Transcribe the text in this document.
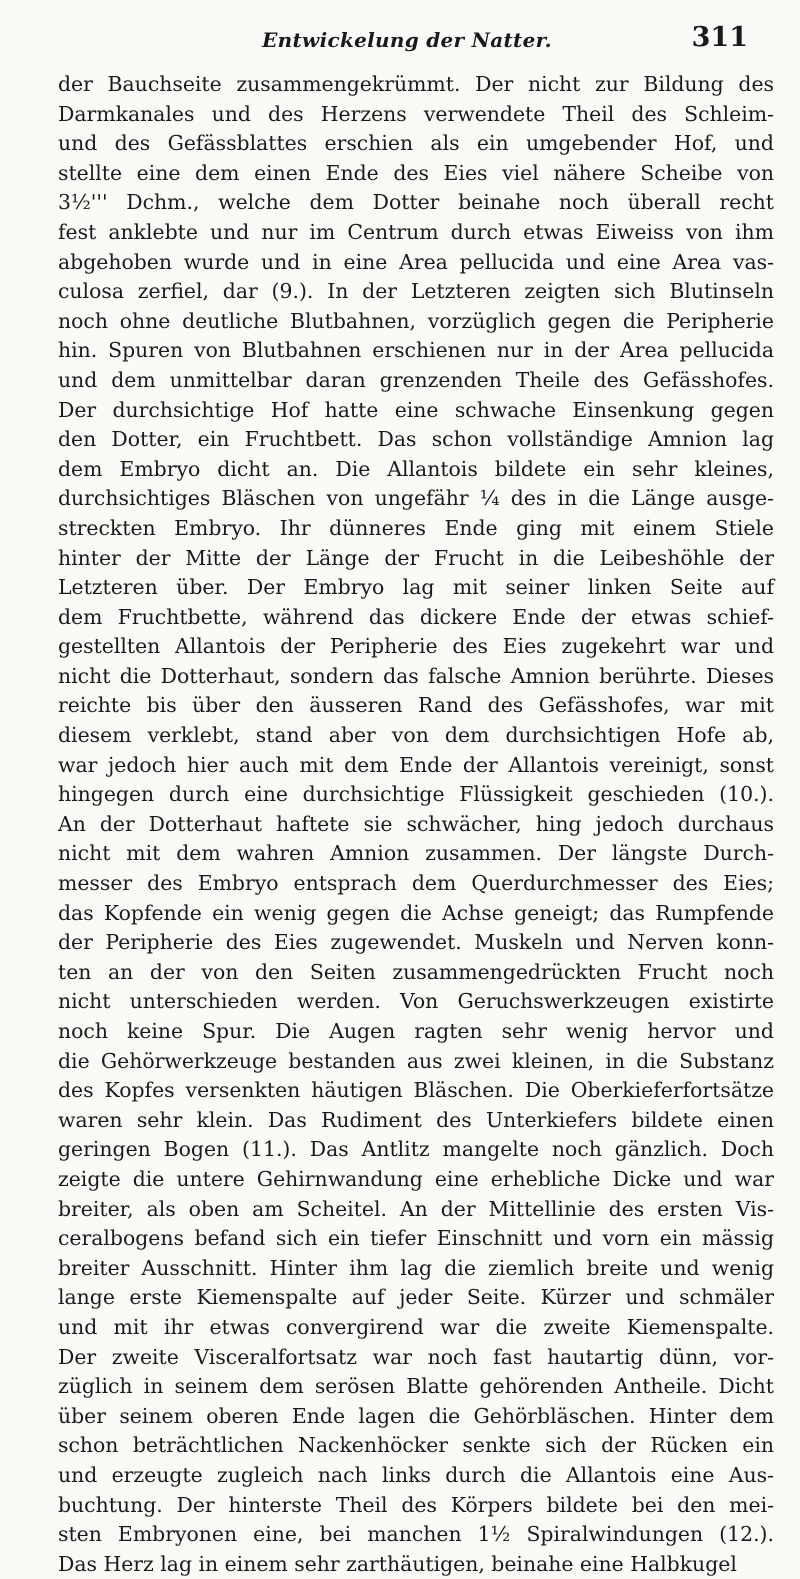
Entwickelung der Natter.	311
der Bauchseite zusammengekrümmt. Der nicht zur Bildung des
Darmkanales und des Herzens verwendete Theil des Schleim-
und des Gefässblattes erschien als ein umgebender Hof, und
stellte eine dem einen Ende des Eies viel nähere Scheibe von
3½''' Dchm., welche dem Dotter beinahe noch überall recht
fest anklebte und nur im Centrum durch etwas Eiweiss von ihm
abgehoben wurde und in eine Area pellucida und eine Area vas-
culosa zerfiel, dar (9.). In der Letzteren zeigten sich Blutinseln
noch ohne deutliche Blutbahnen, vorzüglich gegen die Peripherie
hin. Spuren von Blutbahnen erschienen nur in der Area pellucida
und dem unmittelbar daran grenzenden Theile des Gefässhofes.
Der durchsichtige Hof hatte eine schwache Einsenkung gegen
den Dotter, ein Fruchtbett. Das schon vollständige Amnion lag
dem Embryo dicht an. Die Allantois bildete ein sehr kleines,
durchsichtiges Bläschen von ungefähr ¼ des in die Länge ausge-
streckten Embryo. Ihr dünneres Ende ging mit einem Stiele
hinter der Mitte der Länge der Frucht in die Leibeshöhle der
Letzteren über. Der Embryo lag mit seiner linken Seite auf
dem Fruchtbette, während das dickere Ende der etwas schief-
gestellten Allantois der Peripherie des Eies zugekehrt war und
nicht die Dotterhaut, sondern das falsche Amnion berührte. Dieses
reichte bis über den äusseren Rand des Gefässhofes, war mit
diesem verklebt, stand aber von dem durchsichtigen Hofe ab,
war jedoch hier auch mit dem Ende der Allantois vereinigt, sonst
hingegen durch eine durchsichtige Flüssigkeit geschieden (10.).
An der Dotterhaut haftete sie schwächer, hing jedoch durchaus
nicht mit dem wahren Amnion zusammen. Der längste Durch-
messer des Embryo entsprach dem Querdurchmesser des Eies;
das Kopfende ein wenig gegen die Achse geneigt; das Rumpfende
der Peripherie des Eies zugewendet. Muskeln und Nerven konn-
ten an der von den Seiten zusammengedrückten Frucht noch
nicht unterschieden werden. Von Geruchswerkzeugen existirte
noch keine Spur. Die Augen ragten sehr wenig hervor und
die Gehörwerkzeuge bestanden aus zwei kleinen, in die Substanz
des Kopfes versenkten häutigen Bläschen. Die Oberkieferfortsätze
waren sehr klein. Das Rudiment des Unterkiefers bildete einen
geringen Bogen (11.). Das Antlitz mangelte noch gänzlich. Doch
zeigte die untere Gehirnwandung eine erhebliche Dicke und war
breiter, als oben am Scheitel. An der Mittellinie des ersten Vis-
ceralbogens befand sich ein tiefer Einschnitt und vorn ein mässig
breiter Ausschnitt. Hinter ihm lag die ziemlich breite und wenig
lange erste Kiemenspalte auf jeder Seite. Kürzer und schmäler
und mit ihr etwas convergirend war die zweite Kiemenspalte.
Der zweite Visceralfortsatz war noch fast hautartig dünn, vor-
züglich in seinem dem serösen Blatte gehörenden Antheile. Dicht
über seinem oberen Ende lagen die Gehörbläschen. Hinter dem
schon beträchtlichen Nackenhöcker senkte sich der Rücken ein
und erzeugte zugleich nach links durch die Allantois eine Aus-
buchtung. Der hinterste Theil des Körpers bildete bei den mei-
sten Embryonen eine, bei manchen 1½ Spiralwindungen (12.).
Das Herz lag in einem sehr zarthäutigen, beinahe eine Halbkugel
